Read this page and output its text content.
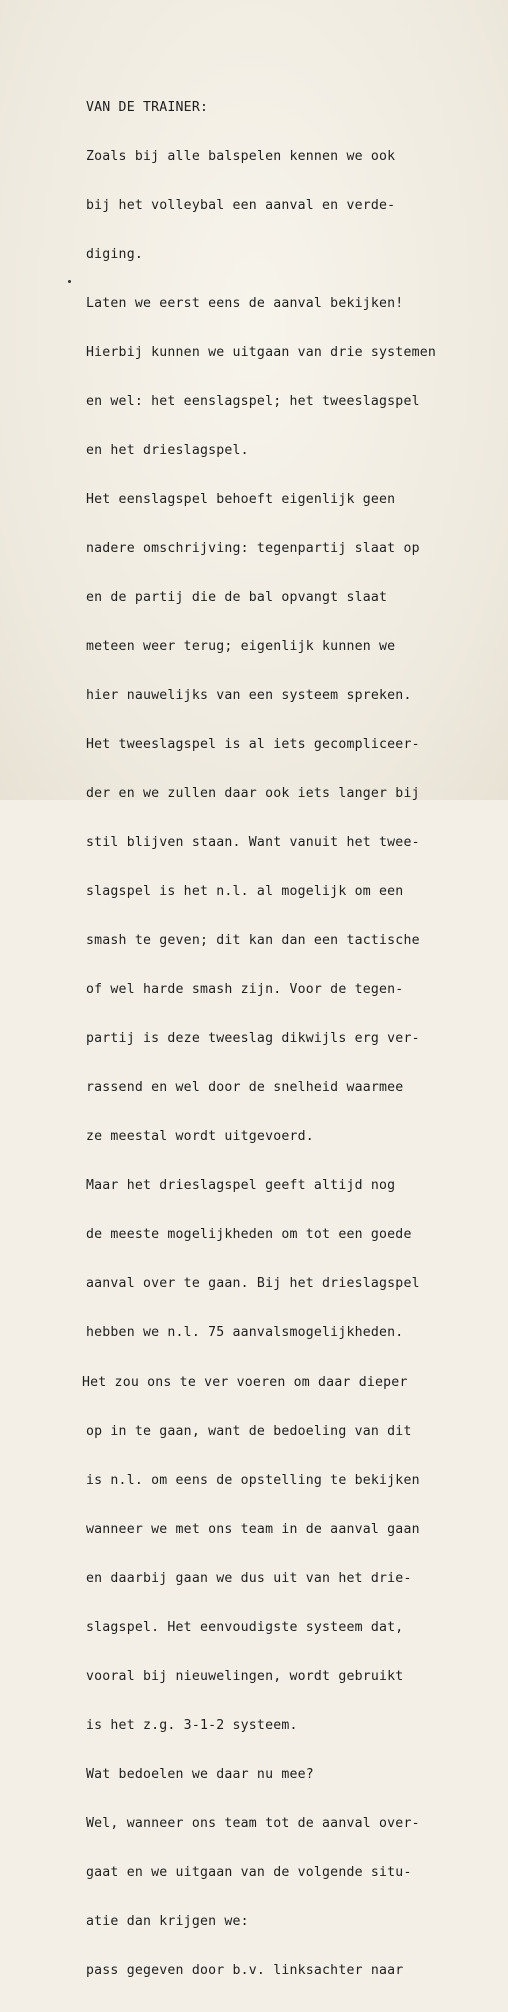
VAN DE TRAINER:

Zoals bij alle balspelen kennen we ook

bij het volleybal een aanval en verde-

diging.

Laten we eerst eens de aanval bekijken!

Hierbij kunnen we uitgaan van drie systemen

en wel: het eenslagspel; het tweeslagspel

en het drieslagspel.

Het eenslagspel behoeft eigenlijk geen

nadere omschrijving: tegenpartij slaat op

en de partij die de bal opvangt slaat

meteen weer terug; eigenlijk kunnen we

hier nauwelijks van een systeem spreken.

Het tweeslagspel is al iets gecompliceer-

der en we zullen daar ook iets langer bij

stil blijven staan. Want vanuit het twee-

slagspel is het n.l. al mogelijk om een

smash te geven; dit kan dan een tactische

of wel harde smash zijn. Voor de tegen-

partij is deze tweeslag dikwijls erg ver-

rassend en wel door de snelheid waarmee

ze meestal wordt uitgevoerd.

Maar het drieslagspel geeft altijd nog

de meeste mogelijkheden om tot een goede

aanval over te gaan. Bij het drieslagspel

hebben we n.l. 75 aanvalsmogelijkheden.

Het zou ons te ver voeren om daar dieper

op in te gaan, want de bedoeling van dit

is n.l. om eens de opstelling te bekijken

wanneer we met ons team in de aanval gaan

en daarbij gaan we dus uit van het drie-

slagspel. Het eenvoudigste systeem dat,

vooral bij nieuwelingen, wordt gebruikt

is het z.g. 3-1-2 systeem.

Wat bedoelen we daar nu mee?

Wel, wanneer ons team tot de aanval over-

gaat en we uitgaan van de volgende situ-

atie dan krijgen we:

pass gegeven door b.v. linksachter naar
